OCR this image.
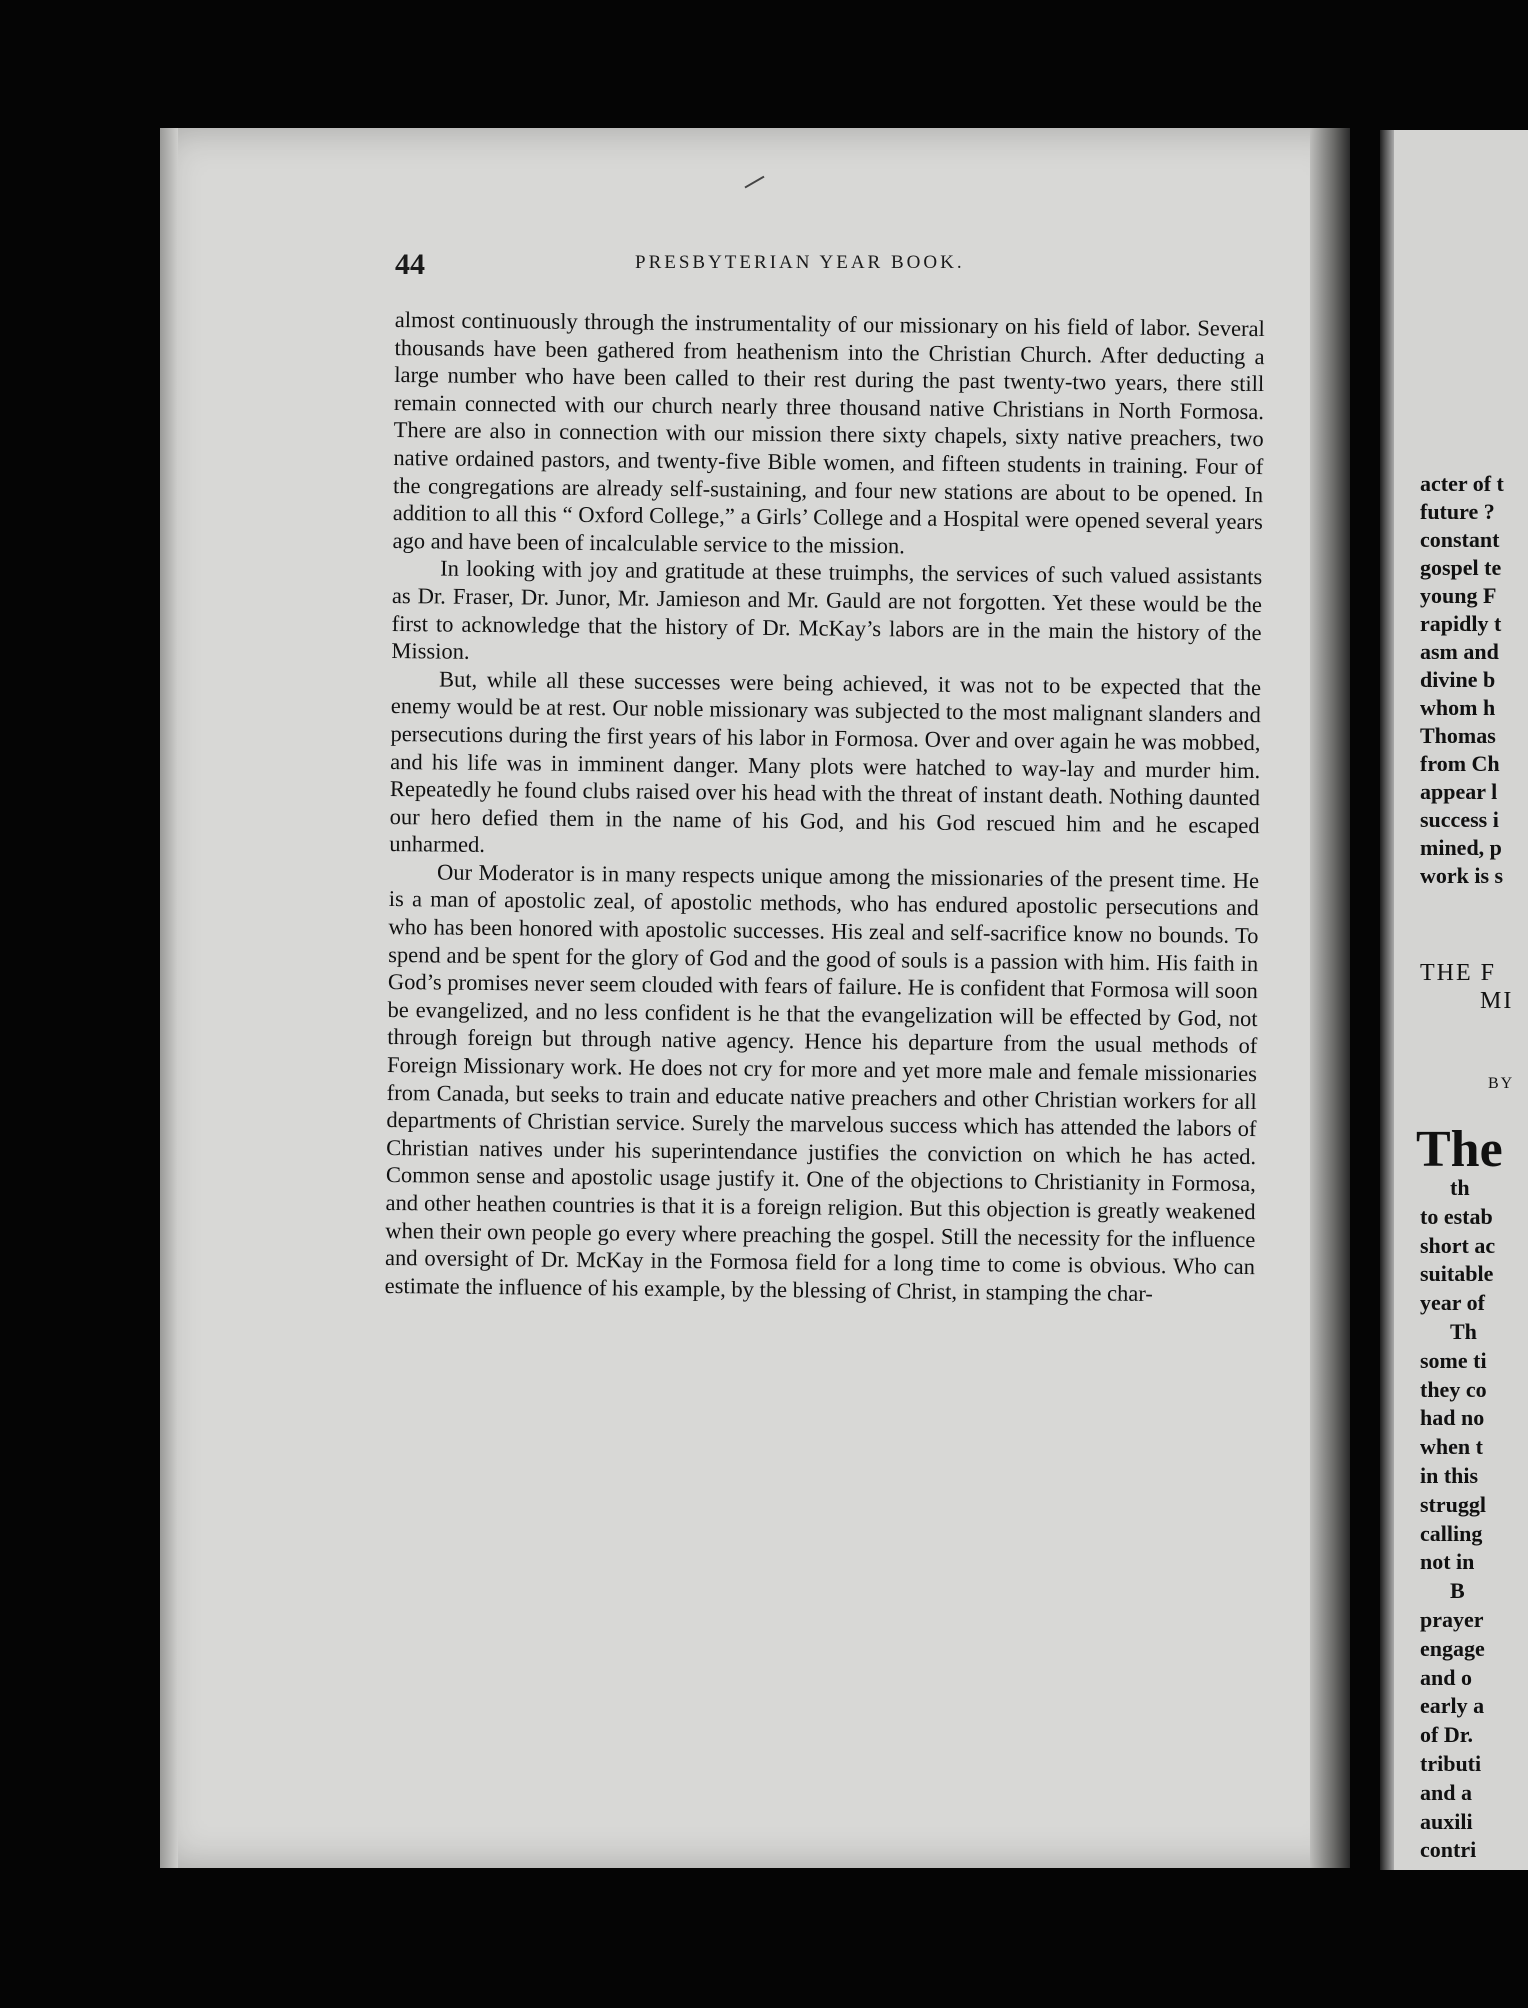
44	PRESBYTERIAN YEAR BOOK.

almost continuously through the instrumentality of our missionary on his field of labor. Several thousands have been gathered from heathenism into the Christian Church. After deducting a large number who have been called to their rest during the past twenty-two years, there still remain connected with our church nearly three thousand native Christians in North Formosa. There are also in connection with our mission there sixty chapels, sixty native preachers, two native ordained pastors, and twenty-five Bible women, and fifteen students in training. Four of the congregations are already self-sustaining, and four new stations are about to be opened. In addition to all this “ Oxford College,” a Girls’ College and a Hospital were opened several years ago and have been of incalculable service to the mission.

In looking with joy and gratitude at these truimphs, the services of such valued assistants as Dr. Fraser, Dr. Junor, Mr. Jamieson and Mr. Gauld are not forgotten. Yet these would be the first to acknowledge that the history of Dr. McKay’s labors are in the main the history of the Mission.

But, while all these successes were being achieved, it was not to be expected that the enemy would be at rest. Our noble missionary was subjected to the most malignant slanders and persecutions during the first years of his labor in Formosa. Over and over again he was mobbed, and his life was in imminent danger. Many plots were hatched to way-lay and murder him. Repeatedly he found clubs raised over his head with the threat of instant death. Nothing daunted our hero defied them in the name of his God, and his God rescued him and he escaped unharmed.

Our Moderator is in many respects unique among the missionaries of the present time. He is a man of apostolic zeal, of apostolic methods, who has endured apostolic persecutions and who has been honored with apostolic successes. His zeal and self-sacrifice know no bounds. To spend and be spent for the glory of God and the good of souls is a passion with him. His faith in God’s promises never seem clouded with fears of failure. He is confident that Formosa will soon be evangelized, and no less confident is he that the evangelization will be effected by God, not through foreign but through native agency. Hence his departure from the usual methods of Foreign Missionary work. He does not cry for more and yet more male and female missionaries from Canada, but seeks to train and educate native preachers and other Christian workers for all departments of Christian service. Surely the marvelous success which has attended the labors of Christian natives under his superintendance justifies the conviction on which he has acted. Common sense and apostolic usage justify it. One of the objections to Christianity in Formosa, and other heathen countries is that it is a foreign religion. But this objection is greatly weakened when their own people go every where preaching the gospel. Still the necessity for the influence and oversight of Dr. McKay in the Formosa field for a long time to come is obvious. Who can estimate the influence of his example, by the blessing of Christ, in stamping the char-

acter of t
future ?
constant
gospel te
young F
rapidly t
asm and
divine b
whom h
Thomas
from Ch
appear l
success i
mined, p
work is s
THE F
MI
BY
The
th
to estab
short ac
suitable
year of
Th
some ti
they co
had no
when t
in this
struggl
calling
not in
B
prayer
engage
and o
early a
of Dr.
tributi
and a
auxili
contri
